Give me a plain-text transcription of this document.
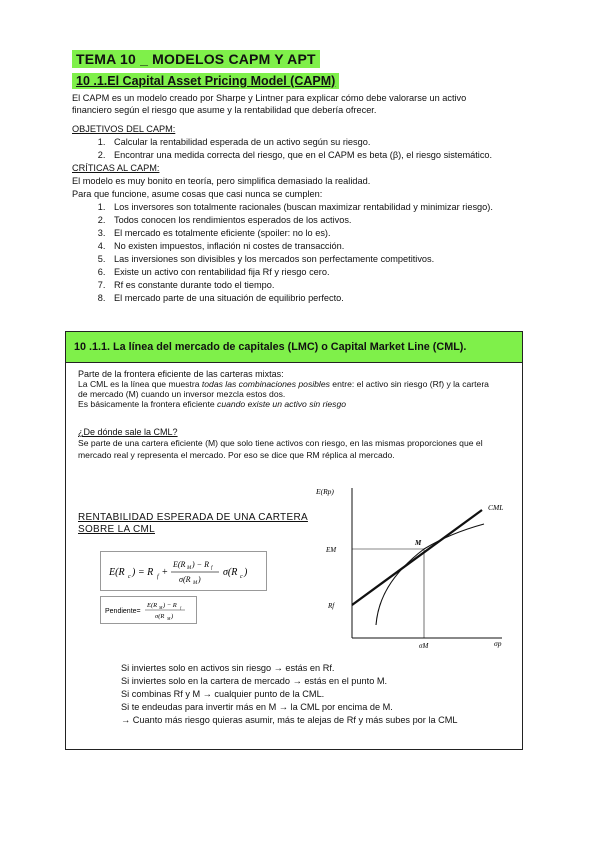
TEMA 10 _ MODELOS CAPM Y APT
10 .1.El Capital Asset Pricing Model (CAPM)
El CAPM es un modelo creado por Sharpe y Lintner para explicar cómo debe valorarse un activo
financiero según el riesgo que asume y la rentabilidad que debería ofrecer.
OBJETIVOS DEL CAPM:
1. Calcular la rentabilidad esperada de un activo según su riesgo.
2. Encontrar una medida correcta del riesgo, que en el CAPM es beta (β), el riesgo sistemático.
CRÍTICAS AL CAPM:
El modelo es muy bonito en teoría, pero simplifica demasiado la realidad.
Para que funcione, asume cosas que casi nunca se cumplen:
1. Los inversores son totalmente racionales (buscan maximizar rentabilidad y minimizar riesgo).
2. Todos conocen los rendimientos esperados de los activos.
3. El mercado es totalmente eficiente (spoiler: no lo es).
4. No existen impuestos, inflación ni costes de transacción.
5. Las inversiones son divisibles y los mercados son perfectamente competitivos.
6. Existe un activo con rentabilidad fija Rf y riesgo cero.
7. Rf es constante durante todo el tiempo.
8. El mercado parte de una situación de equilibrio perfecto.
10 .1.1. La línea del mercado de capitales (LMC) o Capital Market Line (CML).
Parte de la frontera eficiente de las carteras mixtas:
La CML es la línea que muestra todas las combinaciones posibles entre: el activo sin riesgo (Rf) y la cartera
de mercado (M) cuando un inversor mezcla estos dos.
Es básicamente la frontera eficiente cuando existe un activo sin riesgo
¿De dónde sale la CML?
Se parte de una cartera eficiente (M) que solo tiene activos con riesgo, en las mismas proporciones que el
mercado real y representa el mercado. Por eso se dice que RM réplica al mercado.
RENTABILIDAD ESPERADA DE UNA CARTERA
SOBRE LA CML
E(R c ) = R f +
E(R M ) − R f
σ(R M )
σ(R c )
Pendiente=
E(R M ) − R f
σ(R M )
E(Rp)
σp
CML
M
EM
Rf
σM
Si inviertes solo en activos sin riesgo → estás en Rf.
Si inviertes solo en la cartera de mercado → estás en el punto M.
Si combinas Rf y M → cualquier punto de la CML.
Si te endeudas para invertir más en M → la CML por encima de M.
→ Cuanto más riesgo quieras asumir, más te alejas de Rf y más subes por la CML
